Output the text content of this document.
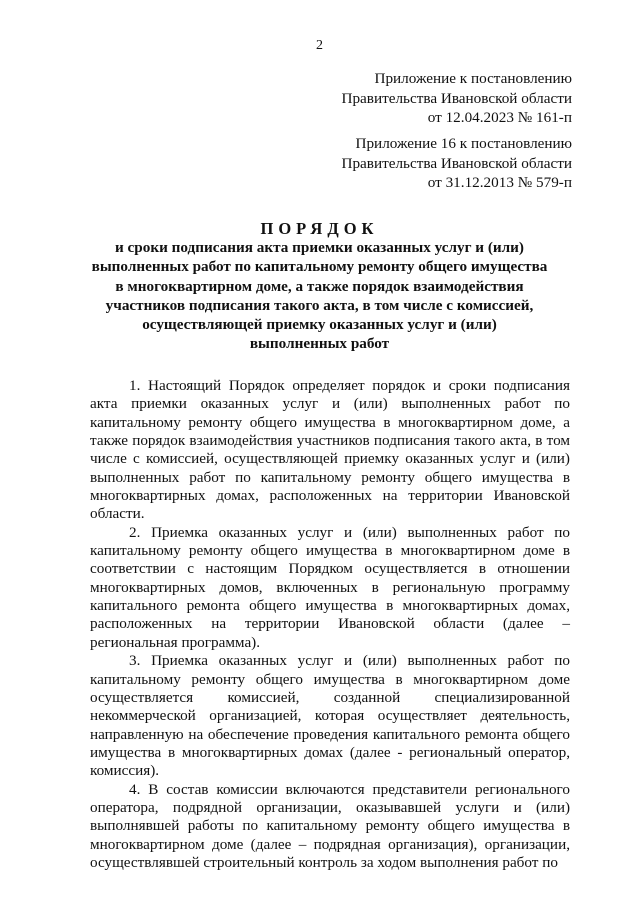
2
Приложение к постановлению
Правительства Ивановской области
от 12.04.2023 № 161-п
Приложение 16 к постановлению
Правительства Ивановской области
от 31.12.2013 № 579-п
ПОРЯДОК
и сроки подписания акта приемки оказанных услуг и (или)
выполненных работ по капитальному ремонту общего имущества
в многоквартирном доме, а также порядок взаимодействия
участников подписания такого акта, в том числе с комиссией,
осуществляющей приемку оказанных услуг и (или)
выполненных работ

1. Настоящий Порядок определяет порядок и сроки подписания акта приемки оказанных услуг и (или) выполненных работ по капитальному ремонту общего имущества в многоквартирном доме, а также порядок взаимодействия участников подписания такого акта, в том числе с комиссией, осуществляющей приемку оказанных услуг и (или) выполненных работ по капитальному ремонту общего имущества в многоквартирных домах, расположенных на территории Ивановской области.

2. Приемка оказанных услуг и (или) выполненных работ по капитальному ремонту общего имущества в многоквартирном доме в соответствии с настоящим Порядком осуществляется в отношении многоквартирных домов, включенных в региональную программу капитального ремонта общего имущества в многоквартирных домах, расположенных на территории Ивановской области (далее – региональная программа).

3. Приемка оказанных услуг и (или) выполненных работ по капитальному ремонту общего имущества в многоквартирном доме осуществляется комиссией, созданной специализированной некоммерческой организацией, которая осуществляет деятельность, направленную на обеспечение проведения капитального ремонта общего имущества в многоквартирных домах (далее - региональный оператор, комиссия).

4. В состав комиссии включаются представители регионального оператора, подрядной организации, оказывавшей услуги и (или) выполнявшей работы по капитальному ремонту общего имущества в многоквартирном доме (далее – подрядная организация), организации, осуществлявшей строительный контроль за ходом выполнения работ по
